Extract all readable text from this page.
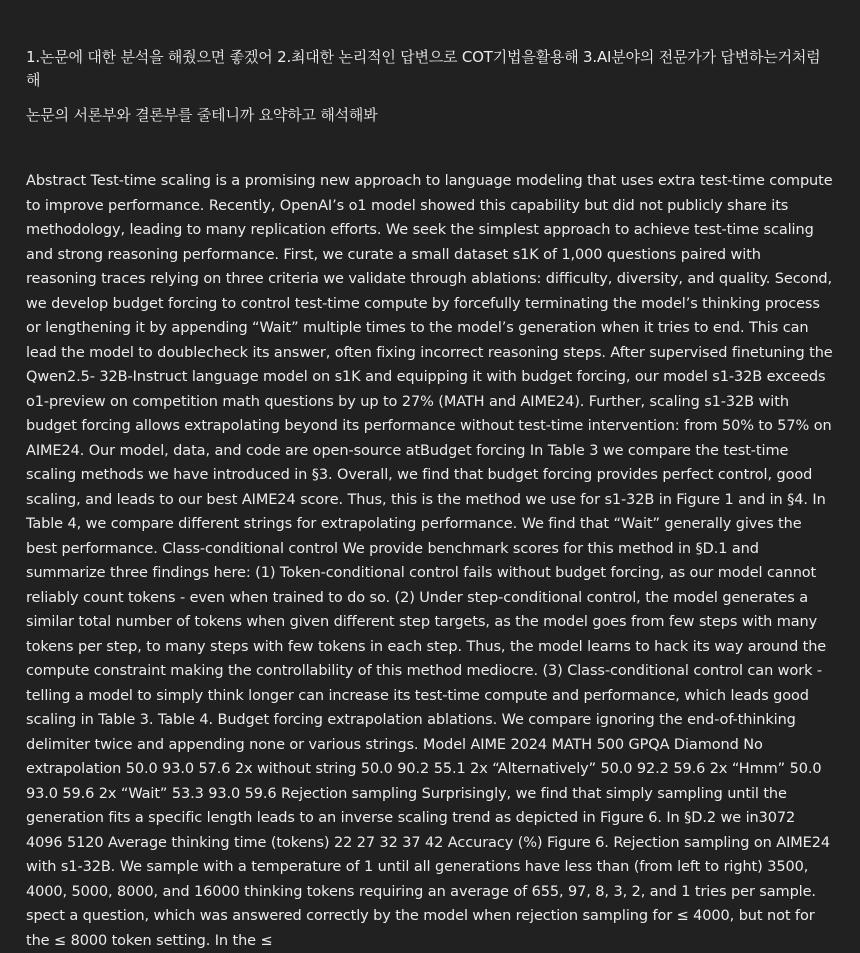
1.논문에 대한 분석을 해줬으면 좋겠어 2.최대한 논리적인 답변으로 COT기법을활용해 3.AI분야의 전문가가 답변하는거처럼 해

논문의 서론부와 결론부를 줄테니까 요약하고 해석해봐

Abstract Test-time scaling is a promising new approach to language modeling that uses extra test-time compute to improve performance. Recently, OpenAI’s o1 model showed this capability but did not publicly share its methodology, leading to many replication efforts. We seek the simplest approach to achieve test-time scaling and strong reasoning performance. First, we curate a small dataset s1K of 1,000 questions paired with reasoning traces relying on three criteria we validate through ablations: difficulty, diversity, and quality. Second, we develop budget forcing to control test-time compute by forcefully terminating the model’s thinking process or lengthening it by appending “Wait” multiple times to the model’s generation when it tries to end. This can lead the model to doublecheck its answer, often fixing incorrect reasoning steps. After supervised finetuning the Qwen2.5- 32B-Instruct language model on s1K and equipping it with budget forcing, our model s1-32B exceeds o1-preview on competition math questions by up to 27% (MATH and AIME24). Further, scaling s1-32B with budget forcing allows extrapolating beyond its performance without test-time intervention: from 50% to 57% on AIME24. Our model, data, and code are open-source atBudget forcing In Table 3 we compare the test-time scaling methods we have introduced in §3. Overall, we find that budget forcing provides perfect control, good scaling, and leads to our best AIME24 score. Thus, this is the method we use for s1-32B in Figure 1 and in §4. In Table 4, we compare different strings for extrapolating performance. We find that “Wait” generally gives the best performance. Class-conditional control We provide benchmark scores for this method in §D.1 and summarize three findings here: (1) Token-conditional control fails without budget forcing, as our model cannot reliably count tokens - even when trained to do so. (2) Under step-conditional control, the model generates a similar total number of tokens when given different step targets, as the model goes from few steps with many tokens per step, to many steps with few tokens in each step. Thus, the model learns to hack its way around the compute constraint making the controllability of this method mediocre. (3) Class-conditional control can work - telling a model to simply think longer can increase its test-time compute and performance, which leads good scaling in Table 3. Table 4. Budget forcing extrapolation ablations. We compare ignoring the end-of-thinking delimiter twice and appending none or various strings. Model AIME 2024 MATH 500 GPQA Diamond No extrapolation 50.0 93.0 57.6 2x without string 50.0 90.2 55.1 2x “Alternatively” 50.0 92.2 59.6 2x “Hmm” 50.0 93.0 59.6 2x “Wait” 53.3 93.0 59.6 Rejection sampling Surprisingly, we find that simply sampling until the generation fits a specific length leads to an inverse scaling trend as depicted in Figure 6. In §D.2 we in3072 4096 5120 Average thinking time (tokens) 22 27 32 37 42 Accuracy (%) Figure 6. Rejection sampling on AIME24 with s1-32B. We sample with a temperature of 1 until all generations have less than (from left to right) 3500, 4000, 5000, 8000, and 16000 thinking tokens requiring an average of 655, 97, 8, 3, 2, and 1 tries per sample. spect a question, which was answered correctly by the model when rejection sampling for ≤ 4000, but not for the ≤ 8000 token setting. In the ≤
